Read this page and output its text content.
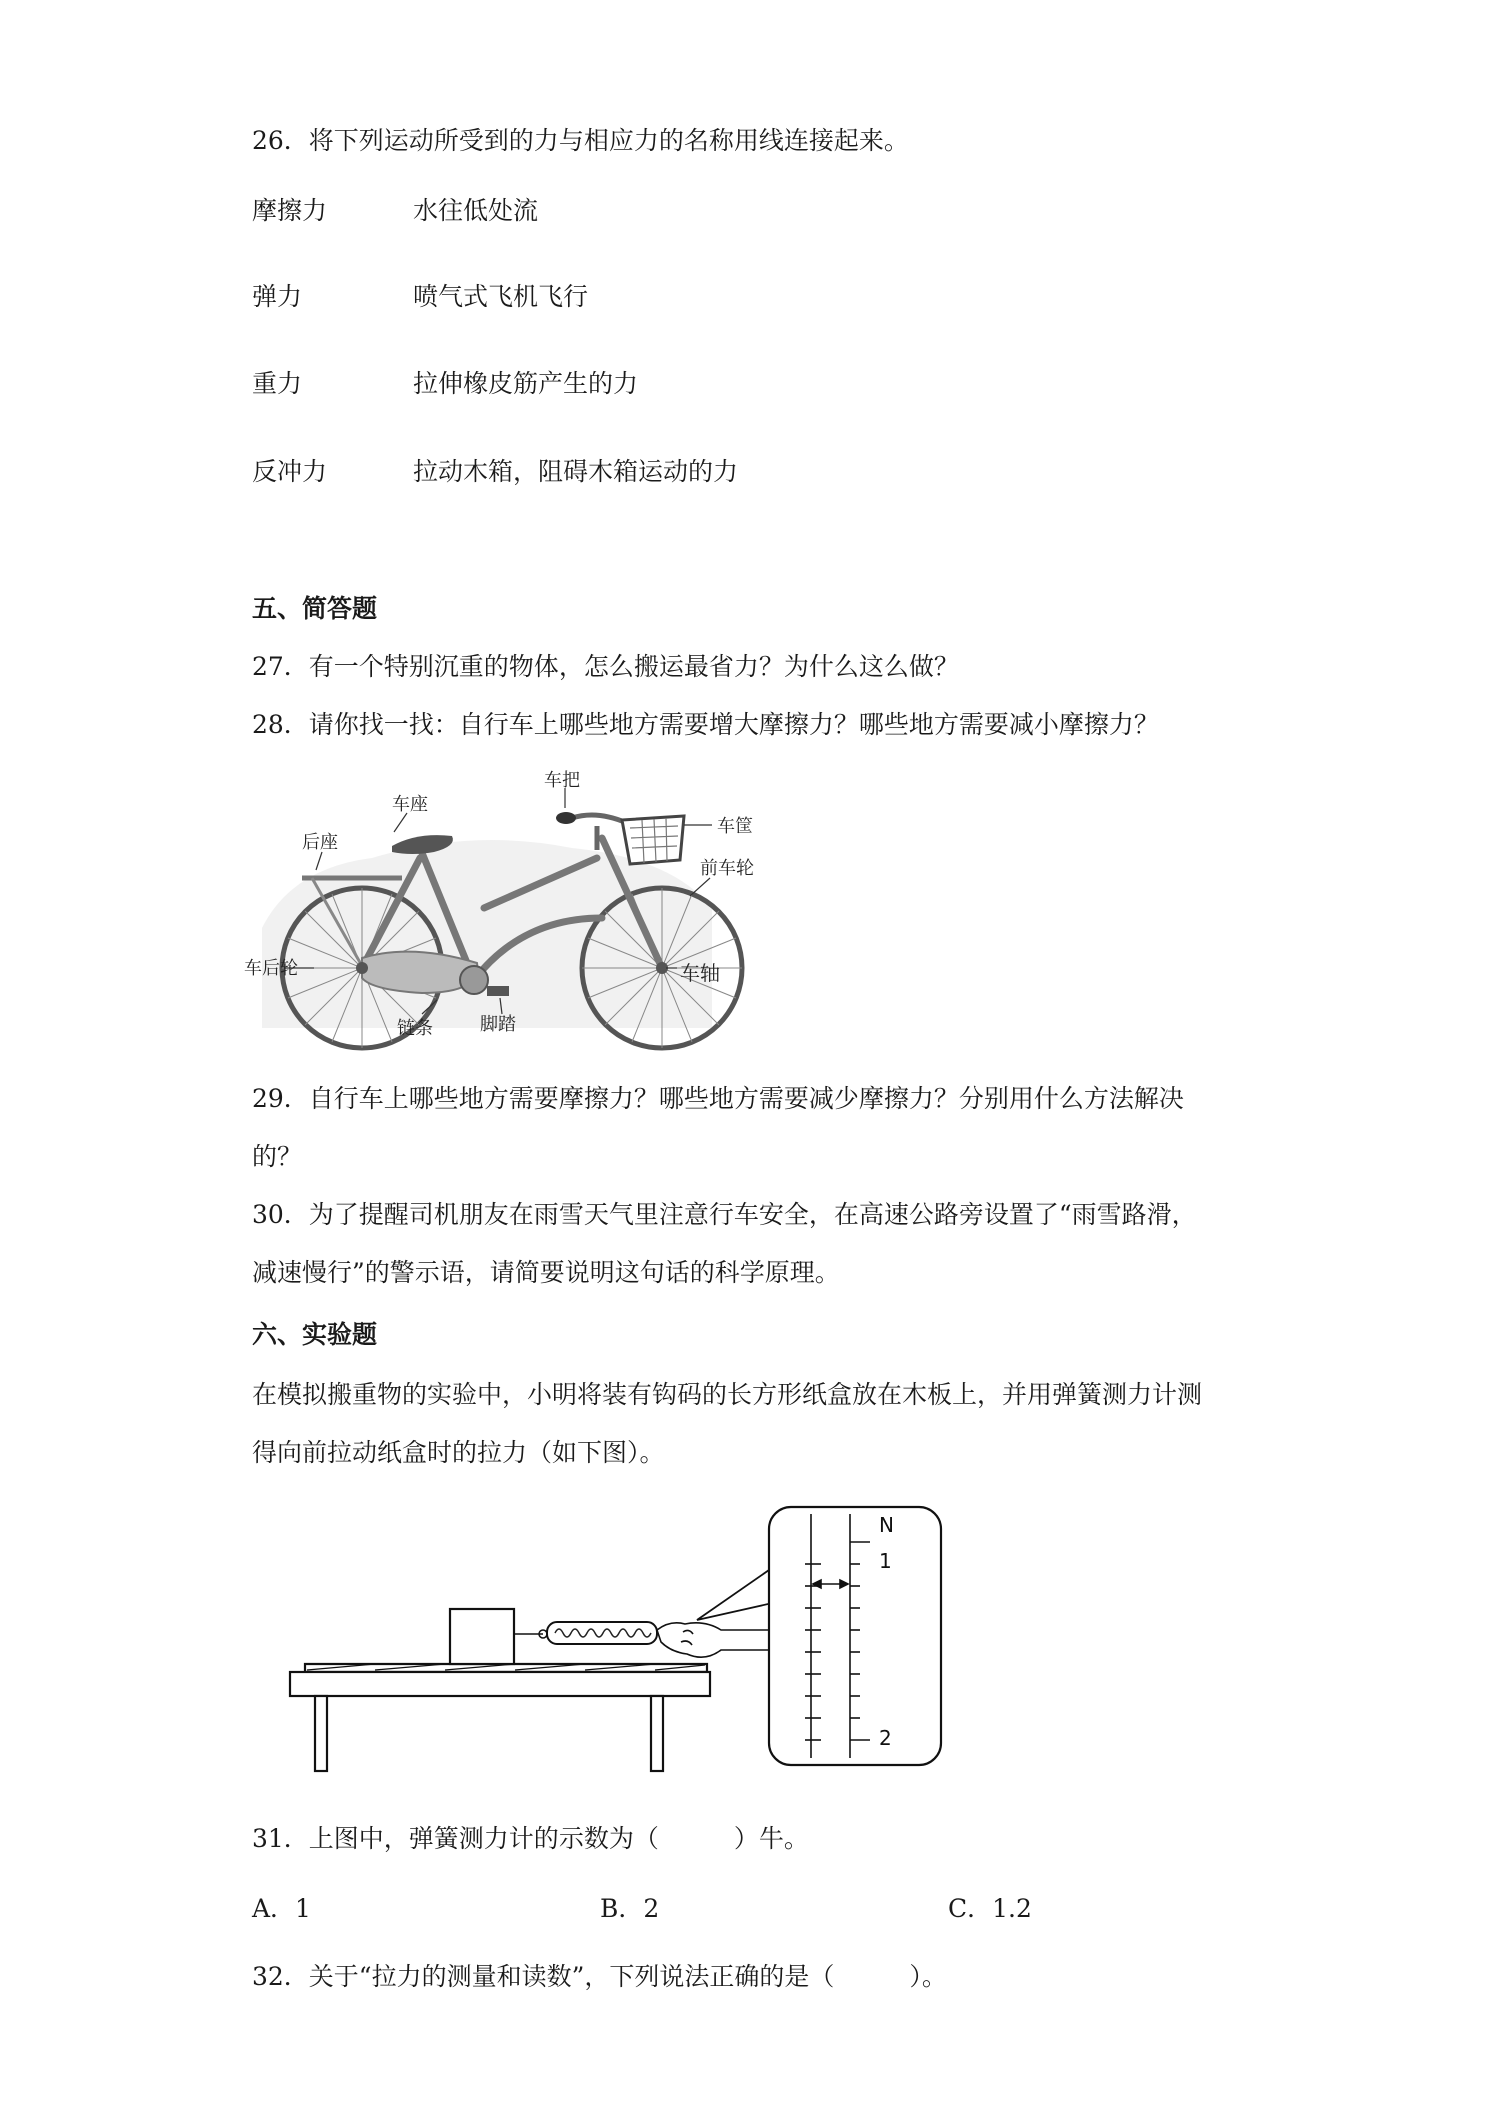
26．将下列运动所受到的力与相应力的名称用线连接起来。
摩擦力	水往低处流
弹力	喷气式飞机飞行
重力	拉伸橡皮筋产生的力
反冲力	拉动木箱，阻碍木箱运动的力
五、简答题
27．有一个特别沉重的物体，怎么搬运最省力？为什么这么做？
28．请你找一找：自行车上哪些地方需要增大摩擦力？哪些地方需要减小摩擦力？
车把
车筐
车座
后座
前车轮
车后轮	车轴
链条	脚踏
29．自行车上哪些地方需要摩擦力？哪些地方需要减少摩擦力？分别用什么方法解决
的？
30．为了提醒司机朋友在雨雪天气里注意行车安全，在高速公路旁设置了“雨雪路滑，
减速慢行”的警示语，请简要说明这句话的科学原理。
六、实验题
在模拟搬重物的实验中，小明将装有钩码的长方形纸盒放在木板上，并用弹簧测力计测
得向前拉动纸盒时的拉力（如下图）。
N
1
2
31．上图中，弹簧测力计的示数为（　　　）牛。
A．1	B．2	C．1.2
32．关于“拉力的测量和读数”，下列说法正确的是（　　　）。
